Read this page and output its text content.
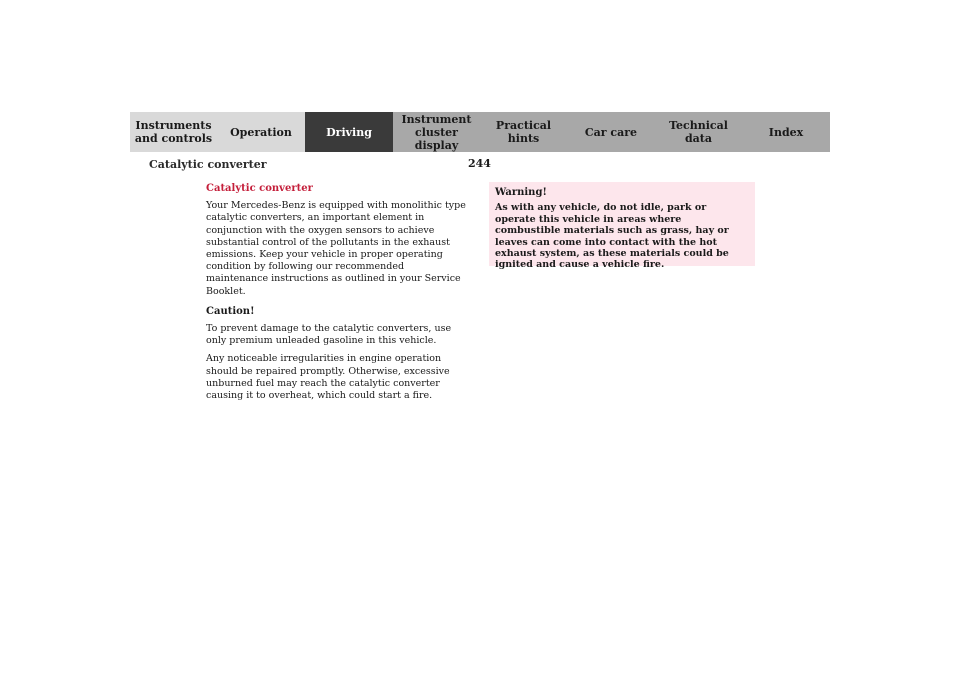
Instruments
and controls Operation	Driving
Instrument
cluster display
Practical hints	Car care	Technical
data	Index
Catalytic converter	244
Catalytic converter

Your Mercedes-Benz is equipped with monolithic type catalytic converters, an important element in conjunction with the oxygen sensors to achieve substantial control of the pollutants in the exhaust emissions. Keep your vehicle in proper operating condition by following our recommended maintenance instructions as outlined in your Service Booklet.

Caution!

To prevent damage to the catalytic converters, use only premium unleaded gasoline in this vehicle.

Any noticeable irregularities in engine operation should be repaired promptly. Otherwise, excessive unburned fuel may reach the catalytic converter causing it to overheat, which could start a fire.

Warning!
As with any vehicle, do not idle, park or operate this vehicle in areas where combustible materials such as grass, hay or leaves can come into contact with the hot exhaust system, as these materials could be ignited and cause a vehicle fire.
